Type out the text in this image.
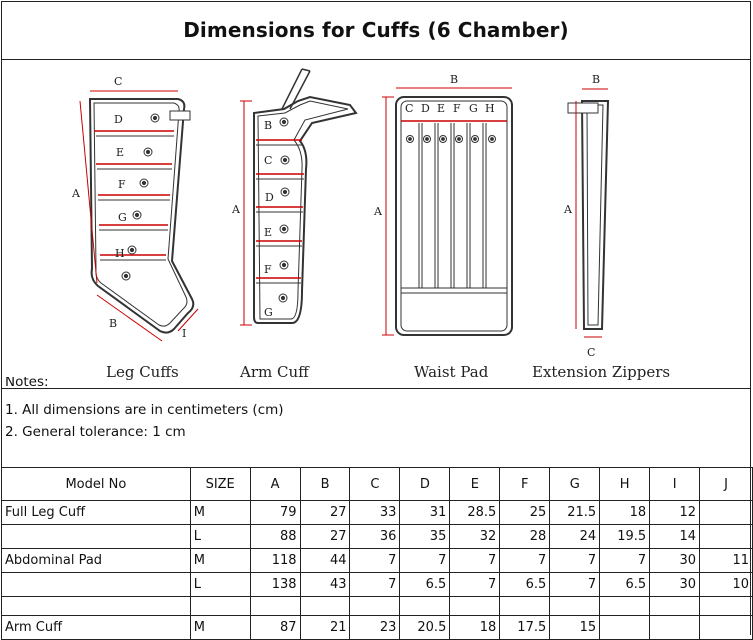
Dimensions for Cuffs (6 Chamber)
C
D
E
F
G
H
A
B
I
B
C
D
E
F
G
A
B
C D E F G H
A
B
A
C
Leg Cuffs	Arm Cuff	Waist Pad	Extension Zippers
Notes:
1. All dimensions are in centimeters (cm)
2. General tolerance: 1 cm
Model No	SIZE	A	B	C	D	E	F	G	H	I	J
Full Leg Cuff	M	79	27	33	31	28.5	25	21.5	18	12	
	L	88	27	36	35	32	28	24	19.5	14	
Abdominal Pad	M	118	44	7	7	7	7	7	7	30	11
	L	138	43	7	6.5	7	6.5	7	6.5	30	10

Arm Cuff	M	87	21	23	20.5	18	17.5	15			
